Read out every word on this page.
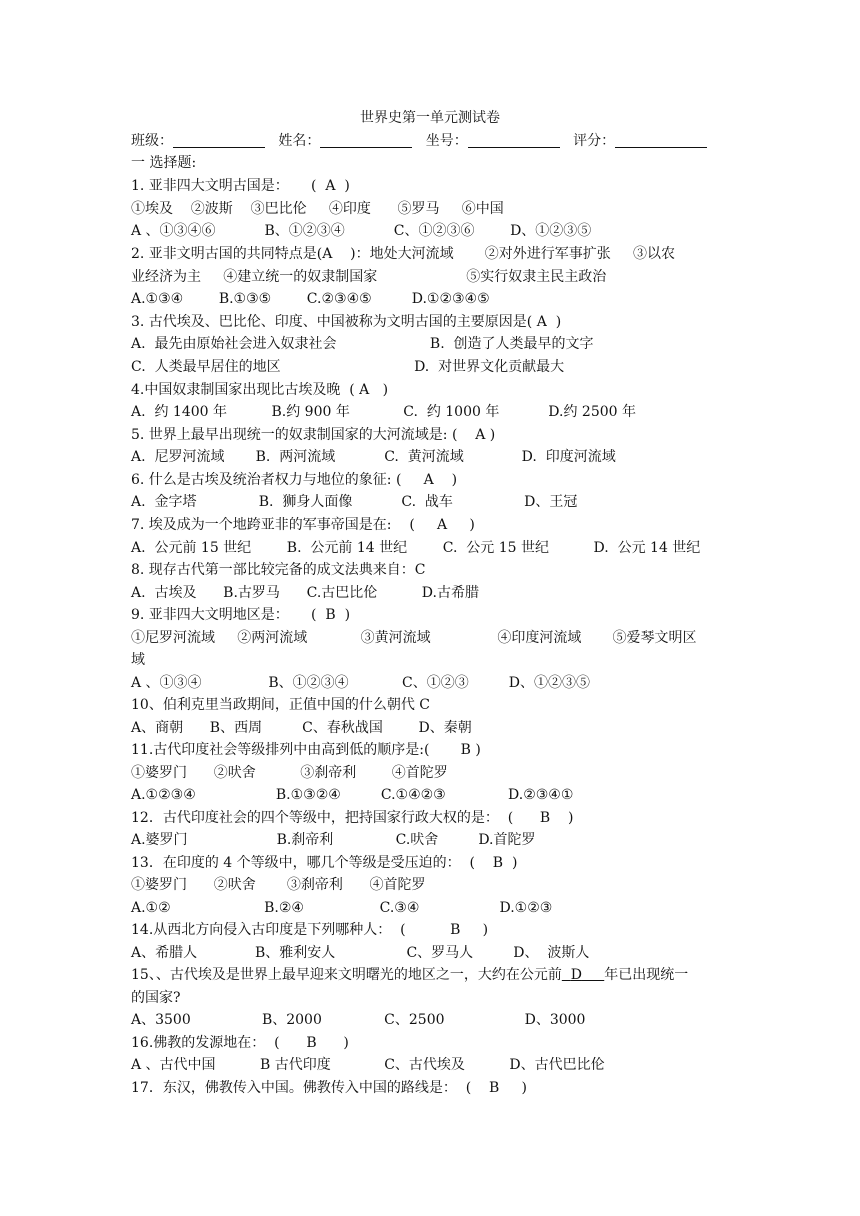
世界史第一单元测试卷
班级：	姓名：	坐号：	评分：
一 选择题:
1. 亚非四大文明古国是：     (  A  )
①埃及    ②波斯    ③巴比伦     ④印度      ⑤罗马     ⑥中国
A 、①③④⑥           B、①②③④           C、①②③⑥        D、①②③⑤
2. 亚非文明古国的共同特点是(A    )：地处大河流域       ②对外进行军事扩张     ③以农
业经济为主     ④建立统一的奴隶制国家                    ⑤实行奴隶主民主政治
A.①③④        B.①③⑤        C.②③④⑤         D.①②③④⑤
3. 古代埃及、巴比伦、印度、中国被称为文明古国的主要原因是( A  )
A.  最先由原始社会进入奴隶社会                     B.  创造了人类最早的文字
C.  人类最早居住的地区                              D.  对世界文化贡献最大
4.中国奴隶制国家出现比古埃及晚  ( A   )
A.  约 1400 年          B.约 900 年            C.  约 1000 年           D.约 2500 年
5. 世界上最早出现统一的奴隶制国家的大河流域是: (    A )
A.  尼罗河流域       B.  两河流域           C.  黄河流域             D.  印度河流域
6. 什么是古埃及统治者权力与地位的象征: (     A    )
A.  金字塔              B.  狮身人面像           C.  战车                D、王冠
7. 埃及成为一个地跨亚非的军事帝国是在:    (     A     )
A.  公元前 15 世纪        B.  公元前 14 世纪        C.  公元 15 世纪          D.  公元 14 世纪
8. 现存古代第一部比较完备的成文法典来自：C
A.  古埃及      B.古罗马      C.古巴比伦          D.古希腊
9. 亚非四大文明地区是：     (  B  )
①尼罗河流域     ②两河流域            ③黄河流域               ④印度河流域       ⑤爱琴文明区
域
A 、①③④               B、①②③④            C、①②③         D、①②③⑤
10、伯利克里当政期间，正值中国的什么朝代 C
A、商朝      B、西周         C、春秋战国        D、秦朝
11.古代印度社会等级排列中由高到低的顺序是:(       B )
①婆罗门      ②吠舍          ③刹帝利        ④首陀罗
A.①②③④                  B.①③②④         C.①④②③              D.②③④①
12．古代印度社会的四个等级中，把持国家行政大权的是：  (      B    )
A.婆罗门                    B.刹帝利              C.吠舍         D.首陀罗
13．在印度的 4 个等级中，哪几个等级是受压迫的：  (    B  )
①婆罗门      ②吠舍       ③刹帝利      ④首陀罗
A.①②                     B.②④                 C.③④                  D.①②③
14.从西北方向侵入古印度是下列哪种人：  (          B     )
A、希腊人             B、雅利安人                C、罗马人         D、  波斯人
15、、古代埃及是世界上最早迎来文明曙光的地区之一，大约在公元前 D 年已出现统一
的国家?
A、3500                B、2000              C、2500                  D、3000
16.佛教的发源地在：  (      B      )
A 、古代中国          B 古代印度            C、古代埃及          D、古代巴比伦
17．东汉，佛教传入中国。佛教传入中国的路线是：  (    B     )
